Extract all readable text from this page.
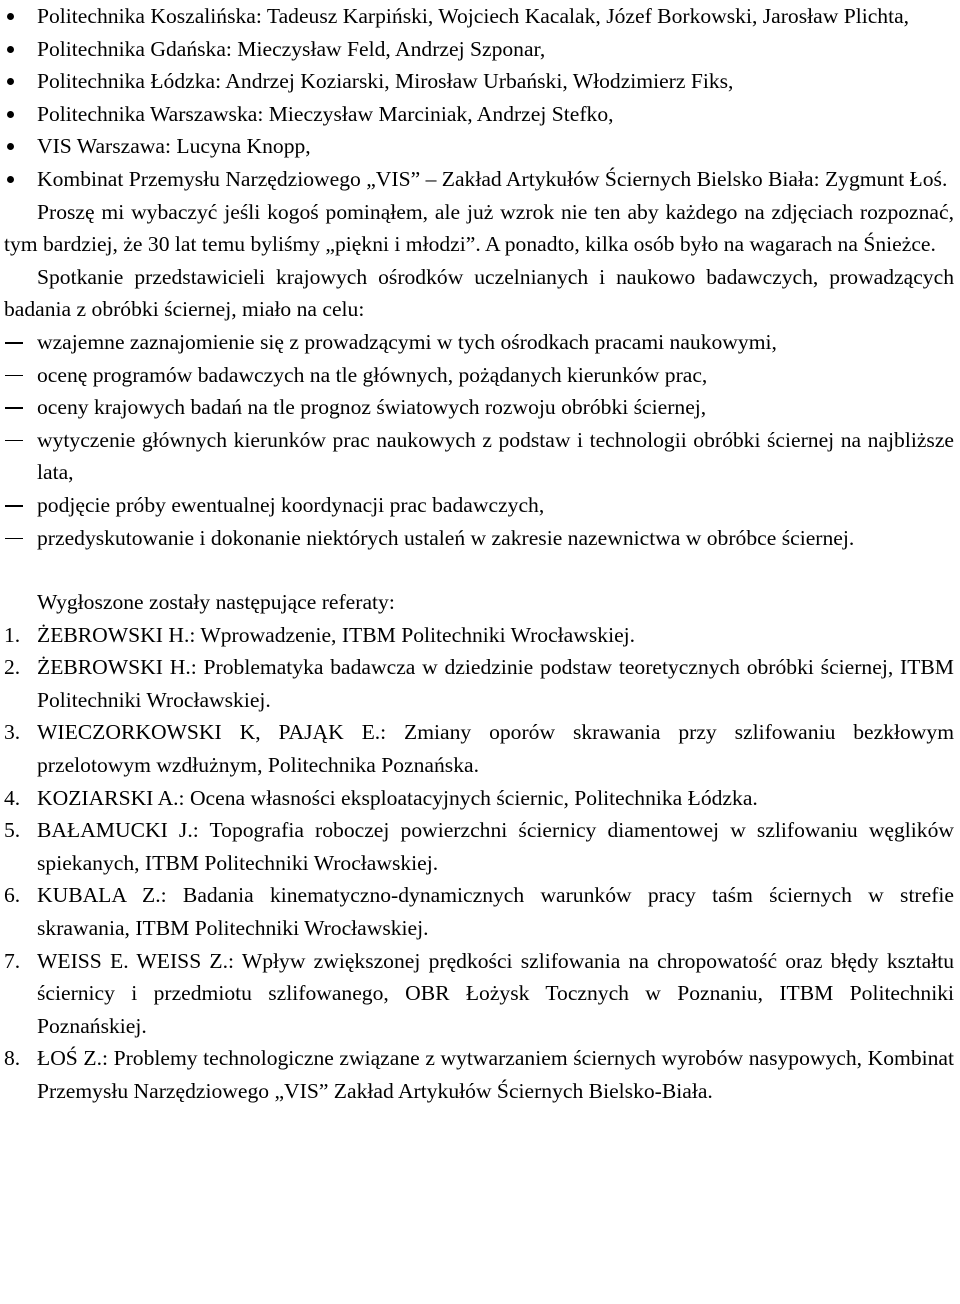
Politechnika Koszalińska: Tadeusz Karpiński, Wojciech Kacalak, Józef Borkowski, Jarosław Plichta,
Politechnika Gdańska: Mieczysław Feld, Andrzej Szponar,
Politechnika Łódzka: Andrzej Koziarski, Mirosław Urbański, Włodzimierz Fiks,
Politechnika Warszawska: Mieczysław Marciniak, Andrzej Stefko,
VIS Warszawa: Lucyna Knopp,
Kombinat Przemysłu Narzędziowego „VIS” – Zakład Artykułów Ściernych Bielsko Biała: Zygmunt Łoś.

Proszę mi wybaczyć jeśli kogoś pominąłem, ale już wzrok nie ten aby każdego na zdjęciach rozpoznać, tym bardziej, że 30 lat temu byliśmy „piękni i młodzi”. A ponadto, kilka osób było na wagarach na Śnieżce.

Spotkanie przedstawicieli krajowych ośrodków uczelnianych i naukowo badawczych, prowadzących badania z obróbki ściernej, miało na celu:

wzajemne zaznajomienie się z prowadzącymi w tych ośrodkach pracami naukowymi,
ocenę programów badawczych na tle głównych, pożądanych kierunków prac,
oceny krajowych badań na tle prognoz światowych rozwoju obróbki ściernej,
wytyczenie głównych kierunków prac naukowych z podstaw i technologii obróbki ściernej na najbliższe lata,
podjęcie próby ewentualnej koordynacji prac badawczych,
przedyskutowanie i dokonanie niektórych ustaleń w zakresie nazewnictwa w obróbce ściernej.

Wygłoszone zostały następujące referaty:

1. ŻEBROWSKI H.: Wprowadzenie, ITBM Politechniki Wrocławskiej.
2. ŻEBROWSKI H.: Problematyka badawcza w dziedzinie podstaw teoretycznych obróbki ściernej, ITBM Politechniki Wrocławskiej.
3. WIECZORKOWSKI K, PAJĄK E.: Zmiany oporów skrawania przy szlifowaniu bezkłowym przelotowym wzdłużnym, Politechnika Poznańska.
4. KOZIARSKI A.: Ocena własności eksploatacyjnych ściernic, Politechnika Łódzka.
5. BAŁAMUCKI J.: Topografia roboczej powierzchni ściernicy diamentowej w szlifowaniu węglików spiekanych, ITBM Politechniki Wrocławskiej.
6. KUBALA Z.: Badania kinematyczno-dynamicznych warunków pracy taśm ściernych w strefie skrawania, ITBM Politechniki Wrocławskiej.
7. WEISS E. WEISS Z.: Wpływ zwiększonej prędkości szlifowania na chropowatość oraz błędy kształtu ściernicy i przedmiotu szlifowanego, OBR Łożysk Tocznych w Poznaniu, ITBM Politechniki Poznańskiej.
8. ŁOŚ Z.: Problemy technologiczne związane z wytwarzaniem ściernych wyrobów nasypowych, Kombinat Przemysłu Narzędziowego „VIS” Zakład Artykułów Ściernych Bielsko-Biała.
